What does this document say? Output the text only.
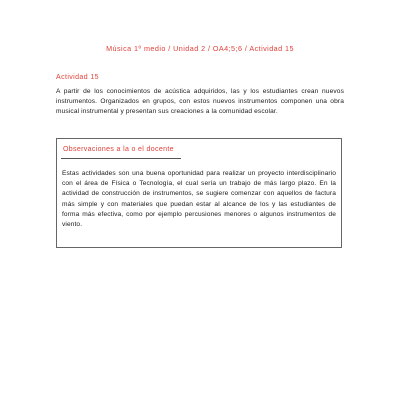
Música 1º medio / Unidad 2 / OA4;5;6 / Actividad 15
Actividad 15

A partir de los conocimientos de acústica adquiridos, las y los estudiantes crean nuevos instrumentos. Organizados en grupos, con estos nuevos instrumentos componen una obra musical instrumental y presentan sus creaciones a la comunidad escolar.

Observaciones a la o el docente

Estas actividades son una buena oportunidad para realizar un proyecto interdisciplinario con el área de Física o Tecnología, el cual sería un trabajo de más largo plazo. En la actividad de construcción de instrumentos, se sugiere comenzar con aquellos de factura más simple y con materiales que puedan estar al alcance de los y las estudiantes de forma más efectiva, como por ejemplo percusiones menores o algunos instrumentos de viento.
